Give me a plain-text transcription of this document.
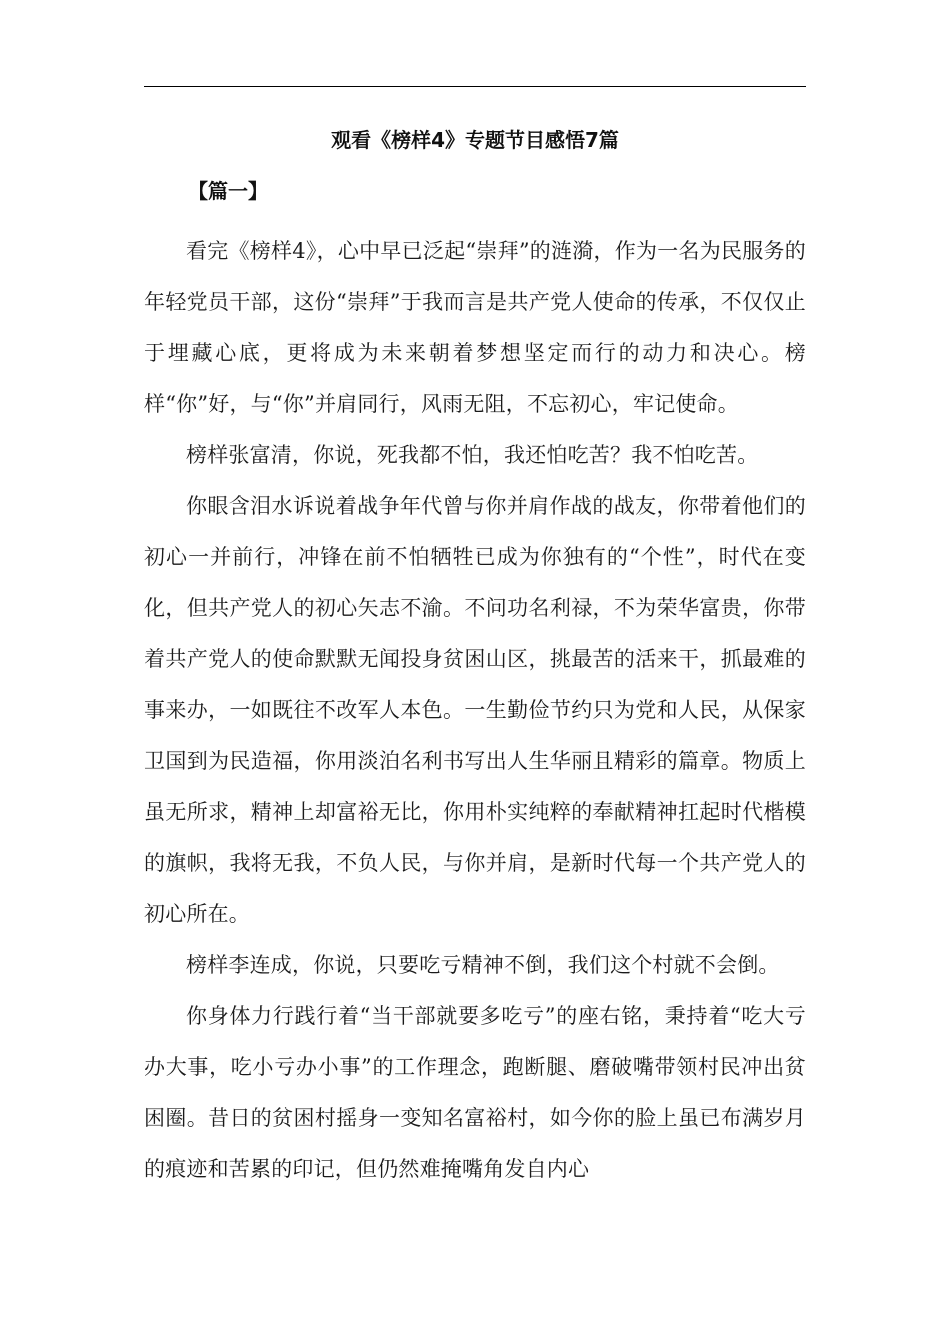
观看《榜样4》专题节目感悟7篇
【篇一】

看完《榜样4》，心中早已泛起“崇拜”的涟漪，作为一名为民服务的年轻党员干部，这份“崇拜”于我而言是共产党人使命的传承，不仅仅止于埋藏心底，更将成为未来朝着梦想坚定而行的动力和决心。榜样“你”好，与“你”并肩同行，风雨无阻，不忘初心，牢记使命。

榜样张富清，你说，死我都不怕，我还怕吃苦？我不怕吃苦。

你眼含泪水诉说着战争年代曾与你并肩作战的战友，你带着他们的初心一并前行，冲锋在前不怕牺牲已成为你独有的“个性”，时代在变化，但共产党人的初心矢志不渝。不问功名利禄，不为荣华富贵，你带着共产党人的使命默默无闻投身贫困山区，挑最苦的活来干，抓最难的事来办，一如既往不改军人本色。一生勤俭节约只为党和人民，从保家卫国到为民造福，你用淡泊名利书写出人生华丽且精彩的篇章。物质上虽无所求，精神上却富裕无比，你用朴实纯粹的奉献精神扛起时代楷模的旗帜，我将无我，不负人民，与你并肩，是新时代每一个共产党人的初心所在。

榜样李连成，你说，只要吃亏精神不倒，我们这个村就不会倒。

你身体力行践行着“当干部就要多吃亏”的座右铭，秉持着“吃大亏办大事，吃小亏办小事”的工作理念，跑断腿、磨破嘴带领村民冲出贫困圈。昔日的贫困村摇身一变知名富裕村，如今你的脸上虽已布满岁月的痕迹和苦累的印记，但仍然难掩嘴角发自内心
